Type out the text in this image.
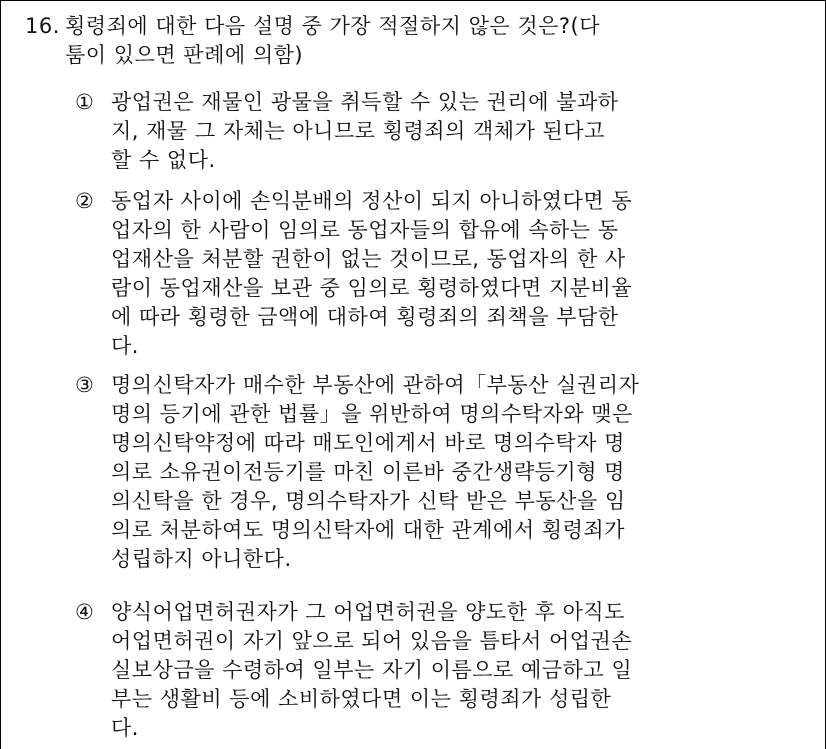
16. 횡령죄에 대한 다음 설명 중 가장 적절하지 않은 것은?(다
툼이 있으면 판례에 의함)
① 광업권은 재물인 광물을 취득할 수 있는 권리에 불과하
지, 재물 그 자체는 아니므로 횡령죄의 객체가 된다고
할 수 없다.
② 동업자 사이에 손익분배의 정산이 되지 아니하였다면 동
업자의 한 사람이 임의로 동업자들의 합유에 속하는 동
업재산을 처분할 권한이 없는 것이므로, 동업자의 한 사
람이 동업재산을 보관 중 임의로 횡령하였다면 지분비율
에 따라 횡령한 금액에 대하여 횡령죄의 죄책을 부담한
다.
③ 명의신탁자가 매수한 부동산에 관하여「부동산 실권리자
명의 등기에 관한 법률」을 위반하여 명의수탁자와 맺은
명의신탁약정에 따라 매도인에게서 바로 명의수탁자 명
의로 소유권이전등기를 마친 이른바 중간생략등기형 명
의신탁을 한 경우, 명의수탁자가 신탁 받은 부동산을 임
의로 처분하여도 명의신탁자에 대한 관계에서 횡령죄가
성립하지 아니한다.
④ 양식어업면허권자가 그 어업면허권을 양도한 후 아직도
어업면허권이 자기 앞으로 되어 있음을 틈타서 어업권손
실보상금을 수령하여 일부는 자기 이름으로 예금하고 일
부는 생활비 등에 소비하였다면 이는 횡령죄가 성립한
다.
